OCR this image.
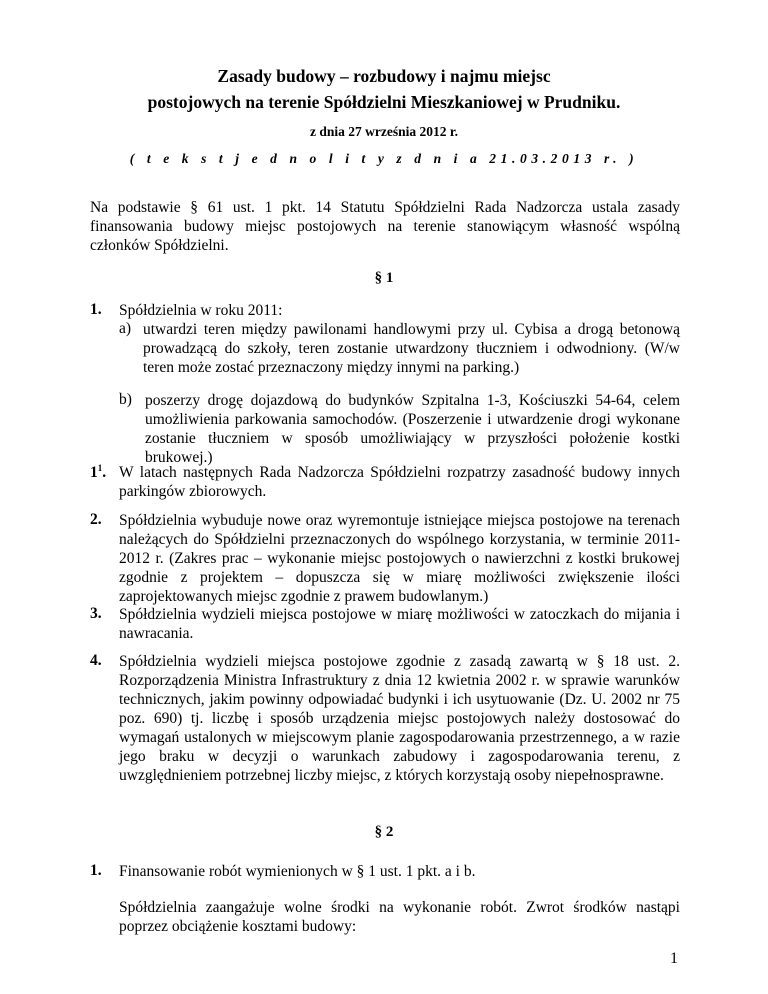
Zasady budowy – rozbudowy i najmu miejsc
postojowych na terenie Spółdzielni Mieszkaniowej w Prudniku.
z dnia 27 września 2012 r.
( t e k s t j e d n o l i t y z d n i a 21.03.2013 r. )
Na podstawie § 61 ust. 1 pkt. 14 Statutu Spółdzielni Rada Nadzorcza ustala zasady finansowania budowy miejsc postojowych na terenie stanowiącym własność wspólną członków Spółdzielni.
§ 1
1. Spółdzielnia w roku 2011:
a) utwardzi teren między pawilonami handlowymi przy ul. Cybisa a drogą betonową prowadzącą do szkoły, teren zostanie utwardzony tłuczniem i odwodniony. (W/w teren może zostać przeznaczony między innymi na parking.)
b) poszerzy drogę dojazdową do budynków Szpitalna 1-3, Kościuszki 54-64, celem umożliwienia parkowania samochodów. (Poszerzenie i utwardzenie drogi wykonane zostanie tłuczniem w sposób umożliwiający w przyszłości położenie kostki brukowej.)
$1^1$. W latach następnych Rada Nadzorcza Spółdzielni rozpatrzy zasadność budowy innych parkingów zbiorowych.
2. Spółdzielnia wybuduje nowe oraz wyremontuje istniejące miejsca postojowe na terenach należących do Spółdzielni przeznaczonych do wspólnego korzystania, w terminie 2011-2012 r. (Zakres prac – wykonanie miejsc postojowych o nawierzchni z kostki brukowej zgodnie z projektem – dopuszcza się w miarę możliwości zwiększenie ilości zaprojektowanych miejsc zgodnie z prawem budowlanym.)
3. Spółdzielnia wydzieli miejsca postojowe w miarę możliwości w zatoczkach do mijania i nawracania.
4. Spółdzielnia wydzieli miejsca postojowe zgodnie z zasadą zawartą w § 18 ust. 2. Rozporządzenia Ministra Infrastruktury z dnia 12 kwietnia 2002 r. w sprawie warunków technicznych, jakim powinny odpowiadać budynki i ich usytuowanie (Dz. U. 2002 nr 75 poz. 690) tj. liczbę i sposób urządzenia miejsc postojowych należy dostosować do wymagań ustalonych w miejscowym planie zagospodarowania przestrzennego, a w razie jego braku w decyzji o warunkach zabudowy i zagospodarowania terenu, z uwzględnieniem potrzebnej liczby miejsc, z których korzystają osoby niepełnosprawne.
§ 2
1. Finansowanie robót wymienionych w § 1 ust. 1 pkt. a i b.
Spółdzielnia zaangażuje wolne środki na wykonanie robót. Zwrot środków nastąpi poprzez obciążenie kosztami budowy:
1
